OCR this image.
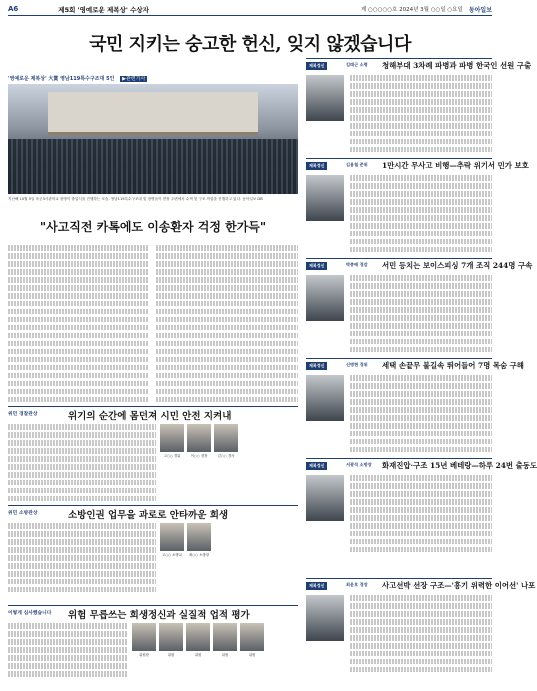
A6	제5회 '영예로운 제복상' 수상자	제 ○○○○○호 2024년 3월 ○○일 ○요일 동아일보
국민 지키는 숭고한 헌신, 잊지 않겠습니다
'영예로운 제복상' 大賞 영남119특수구조대 5인 ▶관련기사
지난해 10월 5일 육군3사관학교 장병이 졸업식을 진행하는 모습. 영남119특수구조대 및 장병들이 현장 주변에서 수색 및 구조 작업을 진행하고 있다. 동아일보 DB
"사고직전 카톡에도 이송환자 걱정 한가득"
위민 경찰관상	위기의 순간에 몸던져 시민 안전 지켜내
고○○ 경위	이○○ 경장	김○○ 경사
위민 소방관상	소방인권 업무을 과로로 안타까운 희생
고○○ 소방교 최○○ 소방장
이렇게 심사했습니다 위험 무릅쓰는 희생정신과 실질적 업적 평가
위원장	위원	위원	위원	위원
제복정신	김태근 소령 청해부대 3차례 파병과 파병 한국인 선원 구출
제복정신	김용철 준위 1만시간 무사고 비행—추락 위기서 민가 보호
제복정신	박종배 경감 서민 등치는 보이스피싱 7개 조직 244명 구속
제복정신	신병현 경위 세택 손끝무 불길속 뛰어들어 7명 목숨 구해
제복정신	서광석 소방장 화재진압·구조 15년 베테랑—하루 24번 출동도
제복정신	최윤호 경장 사고선박 선장 구조—'흥기 위력한 이어선' 나포
